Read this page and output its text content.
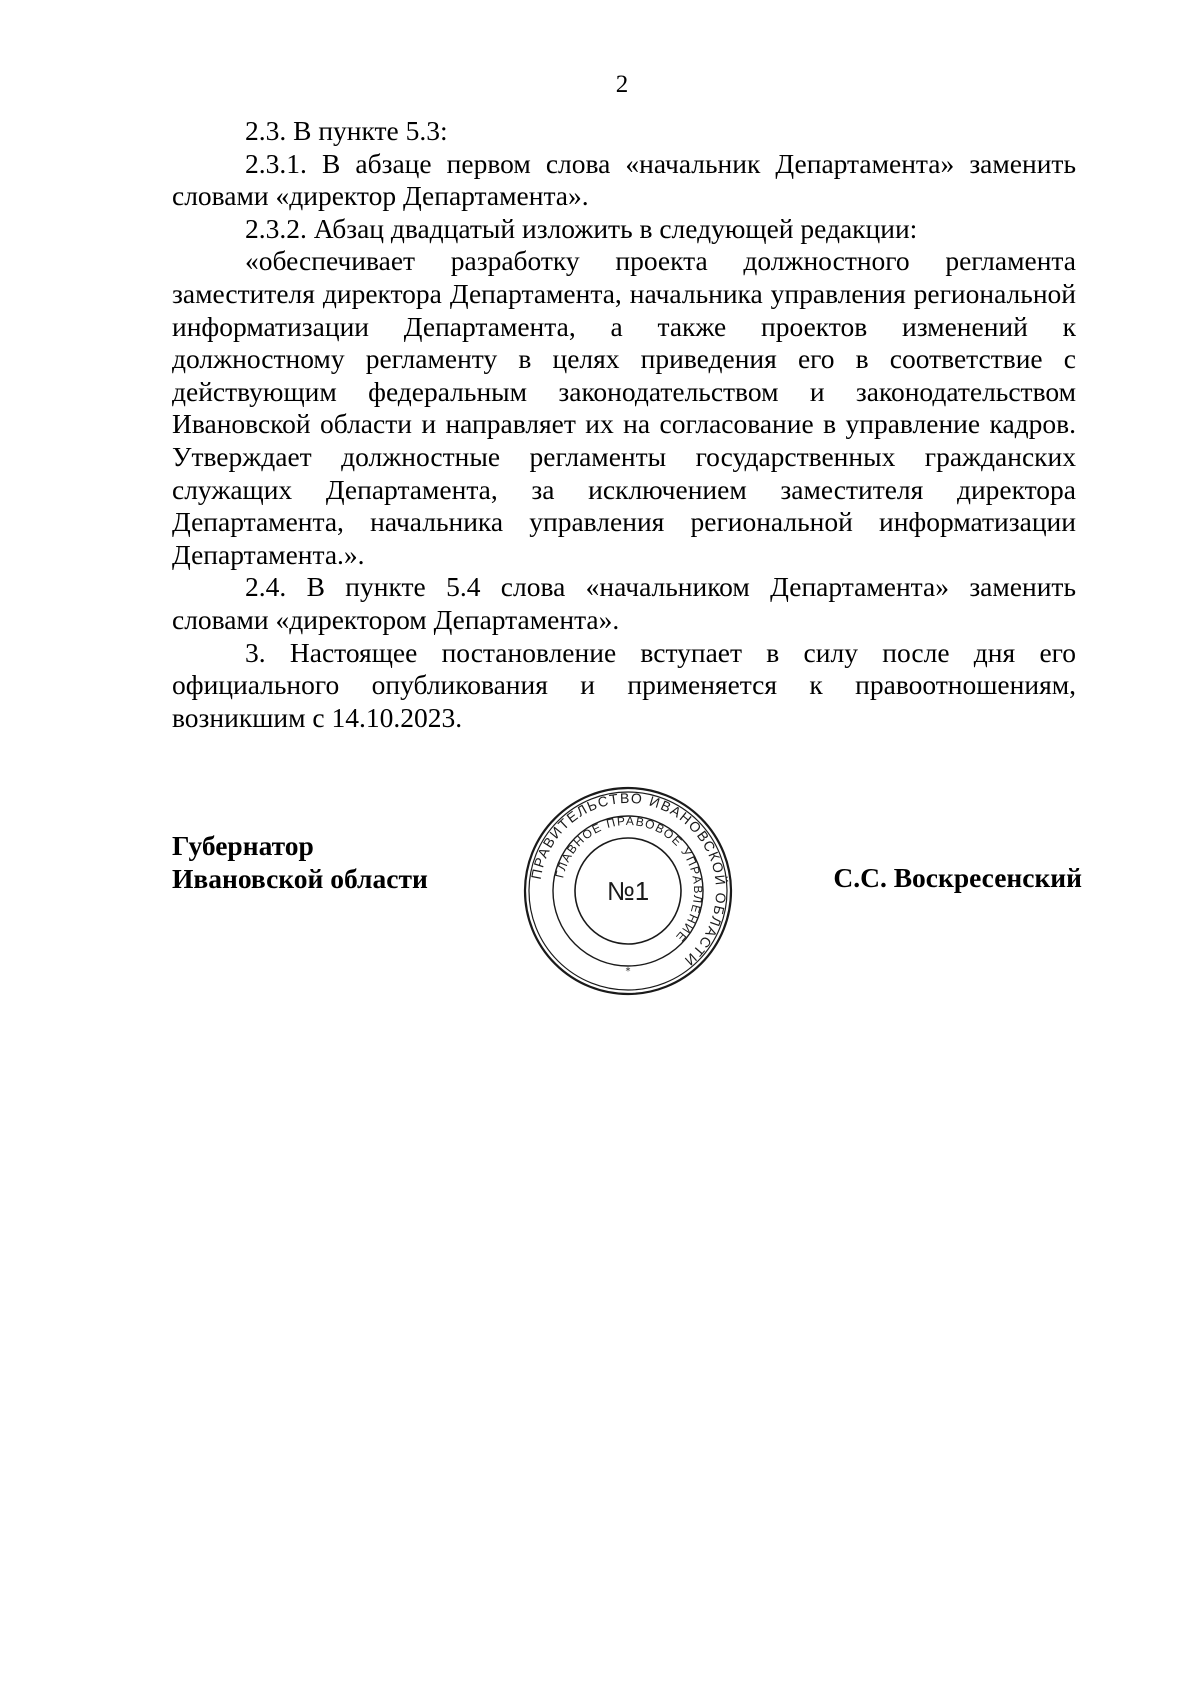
2

2.3. В пункте 5.3:

2.3.1. В абзаце первом слова «начальник Департамента» заменить словами «директор Департамента».

2.3.2. Абзац двадцатый изложить в следующей редакции:

«обеспечивает разработку проекта должностного регламента заместителя директора Департамента, начальника управления региональной информатизации Департамента, а также проектов изменений к должностному регламенту в целях приведения его в соответствие с действующим федеральным законодательством и законодательством Ивановской области и направляет их на согласование в управление кадров. Утверждает должностные регламенты государственных гражданских служащих Департамента, за исключением заместителя директора Департамента, начальника управления региональной информатизации Департамента.».

2.4. В пункте 5.4 слова «начальником Департамента» заменить словами «директором Департамента».

3. Настоящее постановление вступает в силу после дня его официального опубликования и применяется к правоотношениям, возникшим с 14.10.2023.

Губернатор
Ивановской области	С.С. Воскресенский
ПРАВИТЕЛЬСТВО ИВАНОВСКОЙ ОБЛАСТИ
ГЛАВНОЕ ПРАВОВОЕ УПРАВЛЕНИЕ
№1
*
